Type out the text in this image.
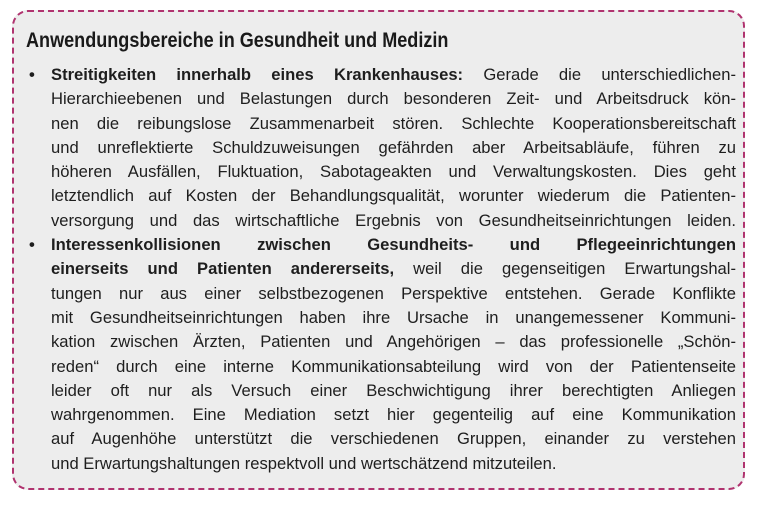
Anwendungsbereiche in Gesundheit und Medizin
• Streitigkeiten innerhalb eines Krankenhauses: Gerade die unterschiedlichen-
Hierarchieebenen und Belastungen durch besonderen Zeit- und Arbeitsdruck kön-
nen die reibungslose Zusammenarbeit stören. Schlechte Kooperationsbereitschaft
und unreflektierte Schuldzuweisungen gefährden aber Arbeitsabläufe, führen zu
höheren Ausfällen, Fluktuation, Sabotageakten und Verwaltungskosten. Dies geht
letztendlich auf Kosten der Behandlungsqualität, worunter wiederum die Patienten-
versorgung und das wirtschaftliche Ergebnis von Gesundheitseinrichtungen leiden.
• Interessenkollisionen zwischen Gesundheits- und Pflegeeinrichtungen
einerseits und Patienten andererseits, weil die gegenseitigen Erwartungshal-
tungen nur aus einer selbstbezogenen Perspektive entstehen. Gerade Konflikte
mit Gesundheitseinrichtungen haben ihre Ursache in unangemessener Kommuni-
kation zwischen Ärzten, Patienten und Angehörigen – das professionelle „Schön-
reden“ durch eine interne Kommunikationsabteilung wird von der Patientenseite
leider oft nur als Versuch einer Beschwichtigung ihrer berechtigten Anliegen
wahrgenommen. Eine Mediation setzt hier gegenteilig auf eine Kommunikation
auf Augenhöhe unterstützt die verschiedenen Gruppen, einander zu verstehen
und Erwartungshaltungen respektvoll und wertschätzend mitzuteilen.
